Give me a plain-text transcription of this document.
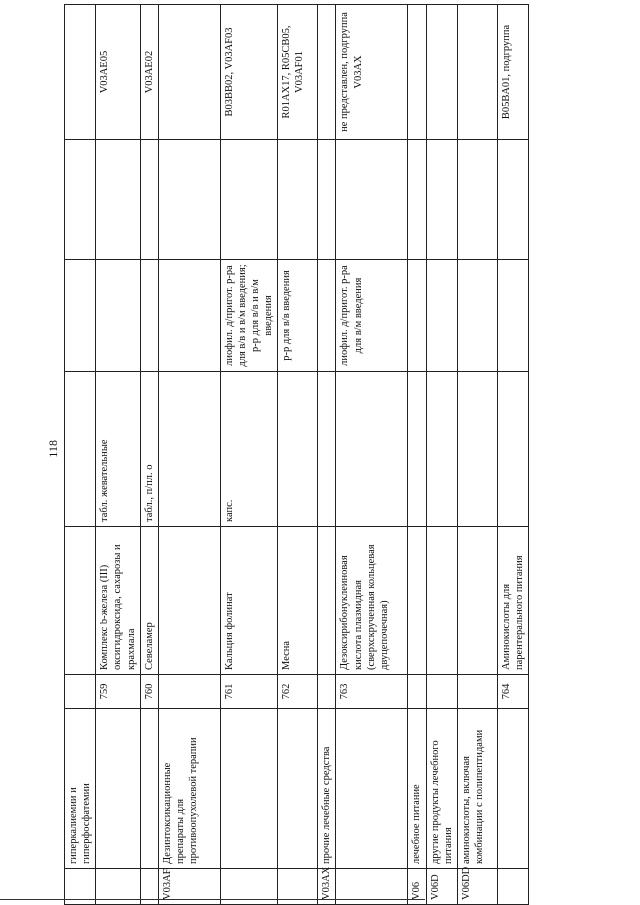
118
	гиперкалиемии и гиперфосфатемии						
		759	Комплекс b-железа (III) оксигидроксида, сахарозы и крахмала	табл. жевательные			V03AE05
		760	Севеламер	табл., п/пл. о			V03AE02
V03AF	Дезинтоксикационные препараты для противоопухолевой терапии						
		761	Кальция фолинат	капс.	лиофил. д/пригот. р-ра для в/в и в/м введения; р-р для в/в и в/м введения		B03BB02, V03AF03
		762	Месна		р-р для в/в введения		R01AX17, R05CB05, V03AF01
V03AX	прочие лечебные средства						
		763	Дезоксирибонуклеиновая кислота плазмидная (сверхскрученная кольцевая двуцепочечная)		лиофил. д/пригот. р-ра для в/м введения		не представлен, подгруппа V03AX
V06	лечебное питание						
V06D	другие продукты лечебного питания						
V06DD	аминокислоты, включая комбинации с полипептидами						
		764	Аминокислоты для парентерального питания				B05BA01, подгруппа
